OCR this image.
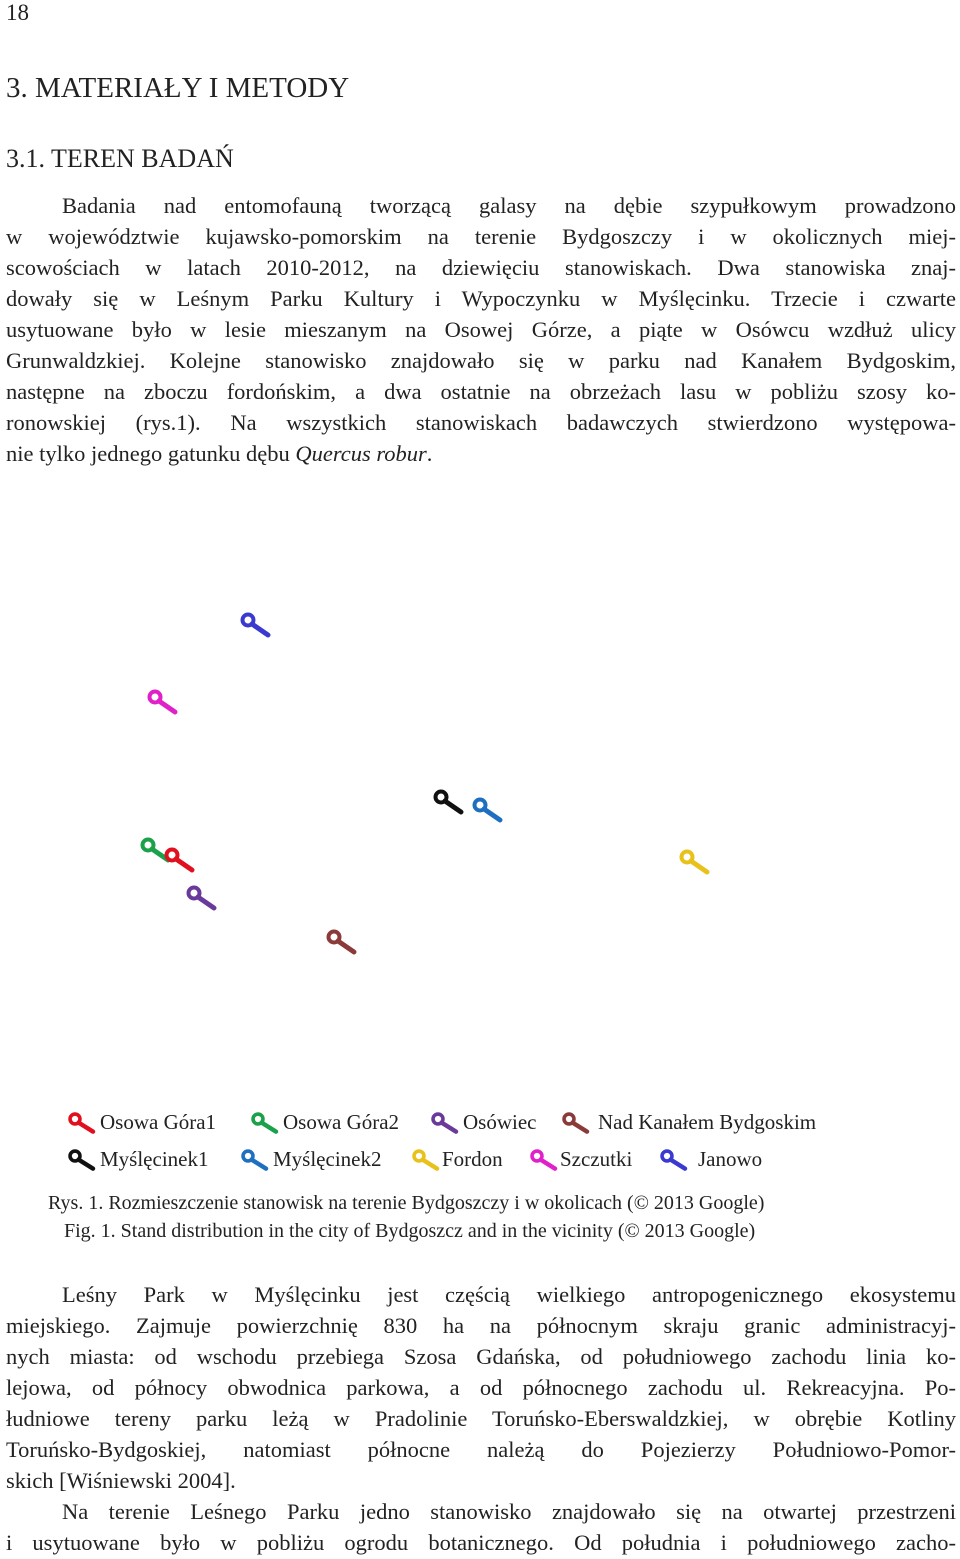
18
3. MATERIAŁY I METODY
3.1. TEREN BADAŃ
Badania nad entomofauną tworzącą galasy na dębie szypułkowym prowadzono
w województwie kujawsko-pomorskim na terenie Bydgoszczy i w okolicznych miej-
scowościach w latach 2010-2012, na dziewięciu stanowiskach. Dwa stanowiska znaj-
dowały się w Leśnym Parku Kultury i Wypoczynku w Myślęcinku. Trzecie i czwarte
usytuowane było w lesie mieszanym na Osowej Górze, a piąte w Osówcu wzdłuż ulicy
Grunwaldzkiej. Kolejne stanowisko znajdowało się w parku nad Kanałem Bydgoskim,
następne na zboczu fordońskim, a dwa ostatnie na obrzeżach lasu w pobliżu szosy ko-
ronowskiej (rys.1). Na wszystkich stanowiskach badawczych stwierdzono występowa-
nie tylko jednego gatunku dębu Quercus robur.
Osowa Góra1	Osowa Góra2	Osówiec	Nad Kanałem Bydgoskim
Myślęcinek1	Myślęcinek2	Fordon	Szczutki	Janowo
Rys. 1. Rozmieszczenie stanowisk na terenie Bydgoszczy i w okolicach (© 2013 Google)
Fig. 1. Stand distribution in the city of Bydgoszcz and in the vicinity (© 2013 Google)
Leśny Park w Myślęcinku jest częścią wielkiego antropogenicznego ekosystemu
miejskiego. Zajmuje powierzchnię 830 ha na północnym skraju granic administracyj-
nych miasta: od wschodu przebiega Szosa Gdańska, od południowego zachodu linia ko-
lejowa, od północy obwodnica parkowa, a od północnego zachodu ul. Rekreacyjna. Po-
łudniowe tereny parku leżą w Pradolinie Toruńsko-Eberswaldzkiej, w obrębie Kotliny
Toruńsko-Bydgoskiej, natomiast północne należą do Pojezierzy Południowo-Pomor-
skich [Wiśniewski 2004].
Na terenie Leśnego Parku jedno stanowisko znajdowało się na otwartej przestrzeni
i usytuowane było w pobliżu ogrodu botanicznego. Od południa i południowego zacho-
